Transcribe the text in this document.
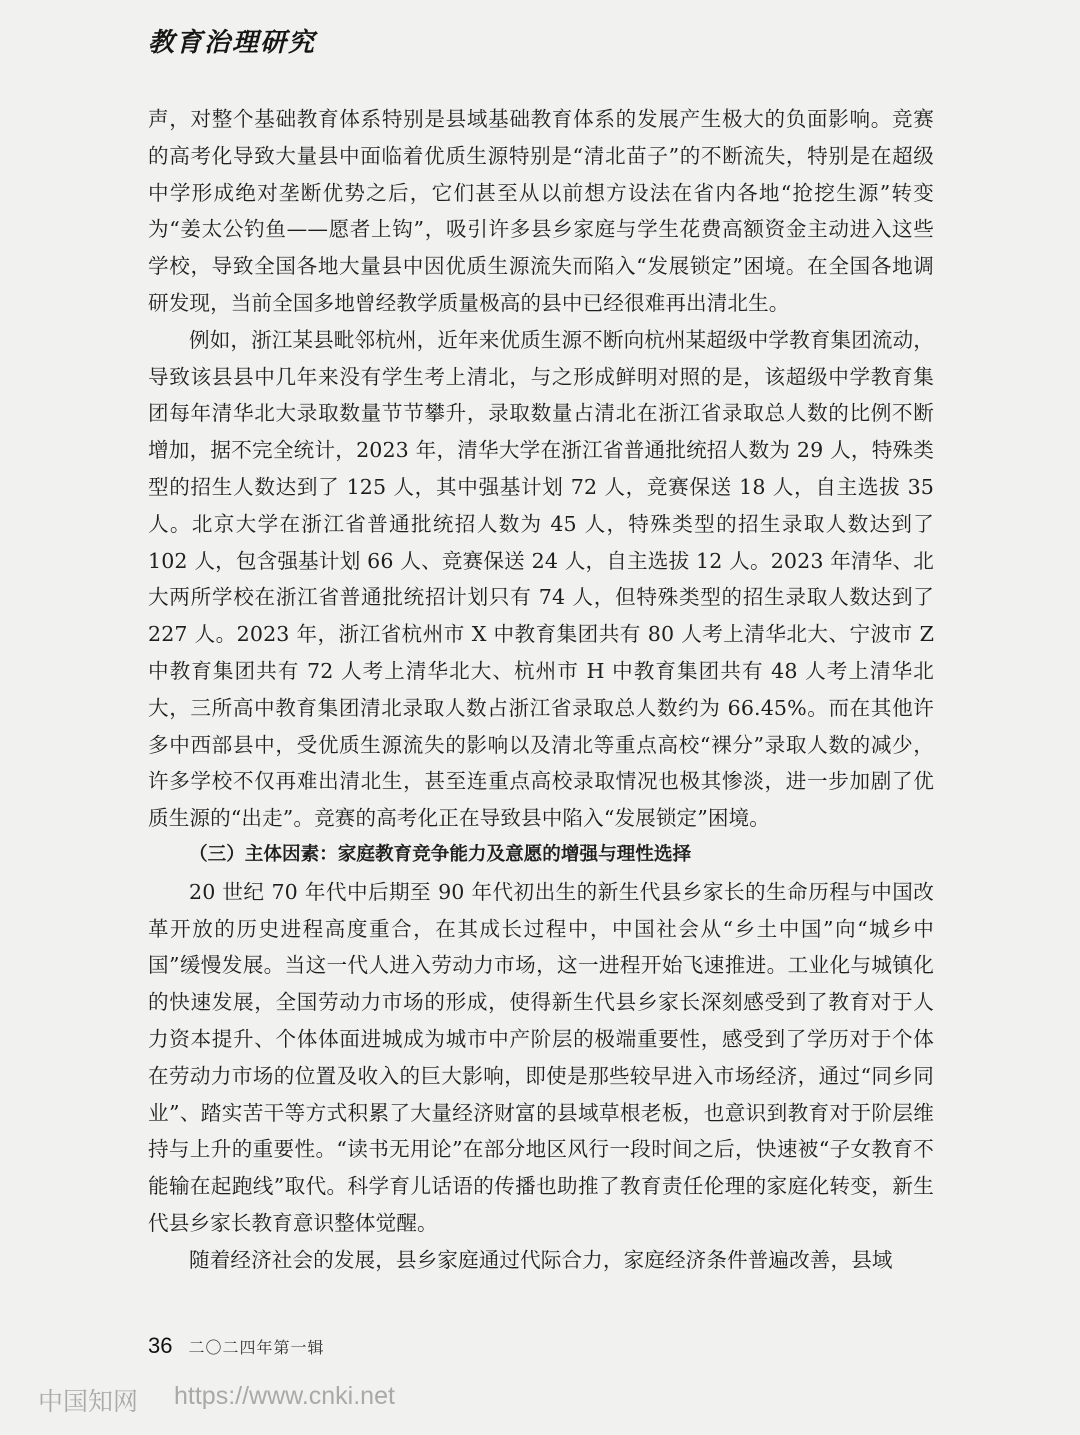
教育治理研究

声，对整个基础教育体系特别是县域基础教育体系的发展产生极大的负面影响。竞赛的高考化导致大量县中面临着优质生源特别是“清北苗子”的不断流失，特别是在超级中学形成绝对垄断优势之后，它们甚至从以前想方设法在省内各地“抢挖生源”转变为“姜太公钓鱼——愿者上钩”，吸引许多县乡家庭与学生花费高额资金主动进入这些学校，导致全国各地大量县中因优质生源流失而陷入“发展锁定”困境。在全国各地调研发现，当前全国多地曾经教学质量极高的县中已经很难再出清北生。

例如，浙江某县毗邻杭州，近年来优质生源不断向杭州某超级中学教育集团流动，导致该县县中几年来没有学生考上清北，与之形成鲜明对照的是，该超级中学教育集团每年清华北大录取数量节节攀升，录取数量占清北在浙江省录取总人数的比例不断增加，据不完全统计，2023 年，清华大学在浙江省普通批统招人数为 29 人，特殊类型的招生人数达到了 125 人，其中强基计划 72 人，竞赛保送 18 人，自主选拔 35 人。北京大学在浙江省普通批统招人数为 45 人，特殊类型的招生录取人数达到了 102 人，包含强基计划 66 人、竞赛保送 24 人，自主选拔 12 人。2023 年清华、北大两所学校在浙江省普通批统招计划只有 74 人，但特殊类型的招生录取人数达到了 227 人。2023 年，浙江省杭州市 X 中教育集团共有 80 人考上清华北大、宁波市 Z 中教育集团共有 72 人考上清华北大、杭州市 H 中教育集团共有 48 人考上清华北大，三所高中教育集团清北录取人数占浙江省录取总人数约为 66.45%。而在其他许多中西部县中，受优质生源流失的影响以及清北等重点高校“裸分”录取人数的减少，许多学校不仅再难出清北生，甚至连重点高校录取情况也极其惨淡，进一步加剧了优质生源的“出走”。竞赛的高考化正在导致县中陷入“发展锁定”困境。

（三）主体因素：家庭教育竞争能力及意愿的增强与理性选择

20 世纪 70 年代中后期至 90 年代初出生的新生代县乡家长的生命历程与中国改革开放的历史进程高度重合，在其成长过程中，中国社会从“乡土中国”向“城乡中国”缓慢发展。当这一代人进入劳动力市场，这一进程开始飞速推进。工业化与城镇化的快速发展，全国劳动力市场的形成，使得新生代县乡家长深刻感受到了教育对于人力资本提升、个体体面进城成为城市中产阶层的极端重要性，感受到了学历对于个体在劳动力市场的位置及收入的巨大影响，即使是那些较早进入市场经济，通过“同乡同业”、踏实苦干等方式积累了大量经济财富的县域草根老板，也意识到教育对于阶层维持与上升的重要性。“读书无用论”在部分地区风行一段时间之后，快速被“子女教育不能输在起跑线”取代。科学育儿话语的传播也助推了教育责任伦理的家庭化转变，新生代县乡家长教育意识整体觉醒。

随着经济社会的发展，县乡家庭通过代际合力，家庭经济条件普遍改善，县域

36 二〇二四年第一辑
中国知网 https://www.cnki.net
